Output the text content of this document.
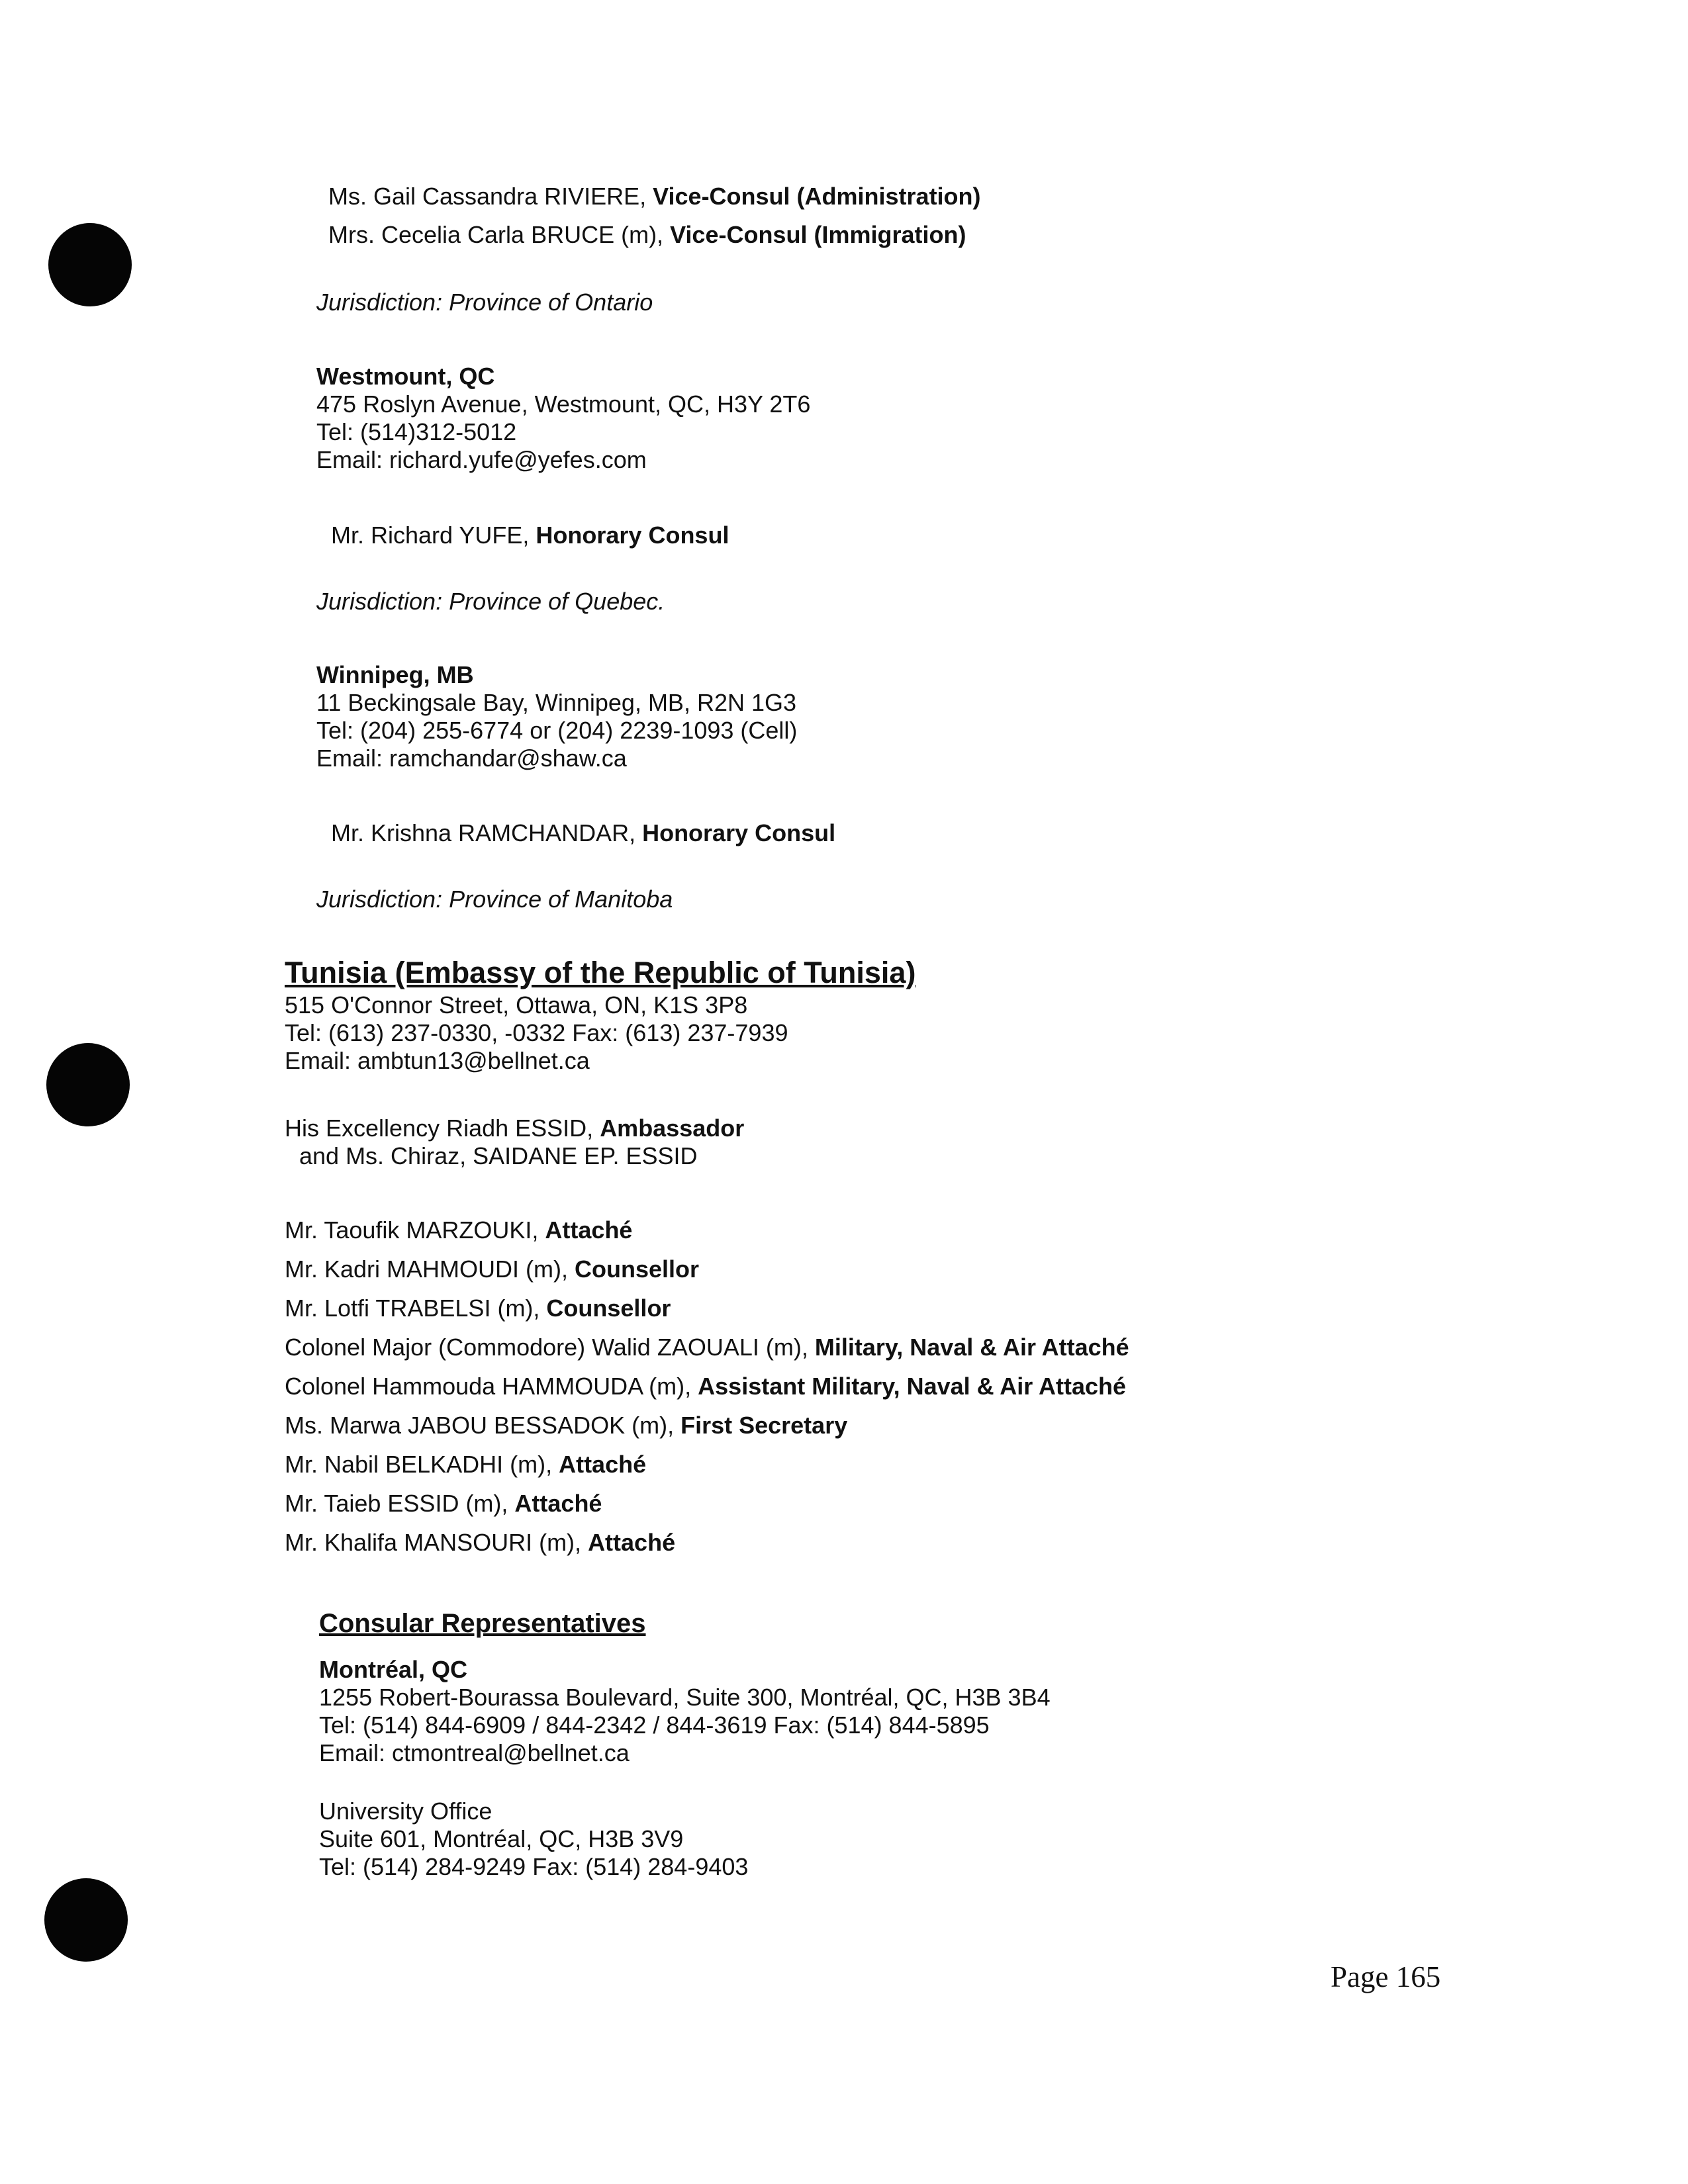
Ms. Gail Cassandra RIVIERE, Vice-Consul (Administration)
Mrs. Cecelia Carla BRUCE (m), Vice-Consul (Immigration)
Jurisdiction: Province of Ontario
Westmount, QC
475 Roslyn Avenue, Westmount, QC, H3Y 2T6
Tel: (514)312-5012
Email: richard.yufe@yefes.com
Mr. Richard YUFE, Honorary Consul
Jurisdiction: Province of Quebec.
Winnipeg, MB
11 Beckingsale Bay, Winnipeg, MB, R2N 1G3
Tel: (204) 255-6774 or (204) 2239-1093 (Cell)
Email: ramchandar@shaw.ca
Mr. Krishna RAMCHANDAR, Honorary Consul
Jurisdiction: Province of Manitoba
Tunisia (Embassy of the Republic of Tunisia)
515 O'Connor Street, Ottawa, ON, K1S 3P8
Tel: (613) 237-0330, -0332 Fax: (613) 237-7939
Email: ambtun13@bellnet.ca
His Excellency Riadh ESSID, Ambassador
and Ms. Chiraz, SAIDANE EP. ESSID
Mr. Taoufik MARZOUKI, Attaché
Mr. Kadri MAHMOUDI (m), Counsellor
Mr. Lotfi TRABELSI (m), Counsellor
Colonel Major (Commodore) Walid ZAOUALI (m), Military, Naval & Air Attaché
Colonel Hammouda HAMMOUDA (m), Assistant Military, Naval & Air Attaché
Ms. Marwa JABOU BESSADOK (m), First Secretary
Mr. Nabil BELKADHI (m), Attaché
Mr. Taieb ESSID (m), Attaché
Mr. Khalifa MANSOURI (m), Attaché
Consular Representatives
Montréal, QC
1255 Robert-Bourassa Boulevard, Suite 300, Montréal, QC, H3B 3B4
Tel: (514) 844-6909 / 844-2342 / 844-3619 Fax: (514) 844-5895
Email: ctmontreal@bellnet.ca
University Office
Suite 601, Montréal, QC, H3B 3V9
Tel: (514) 284-9249 Fax: (514) 284-9403
Page 165
